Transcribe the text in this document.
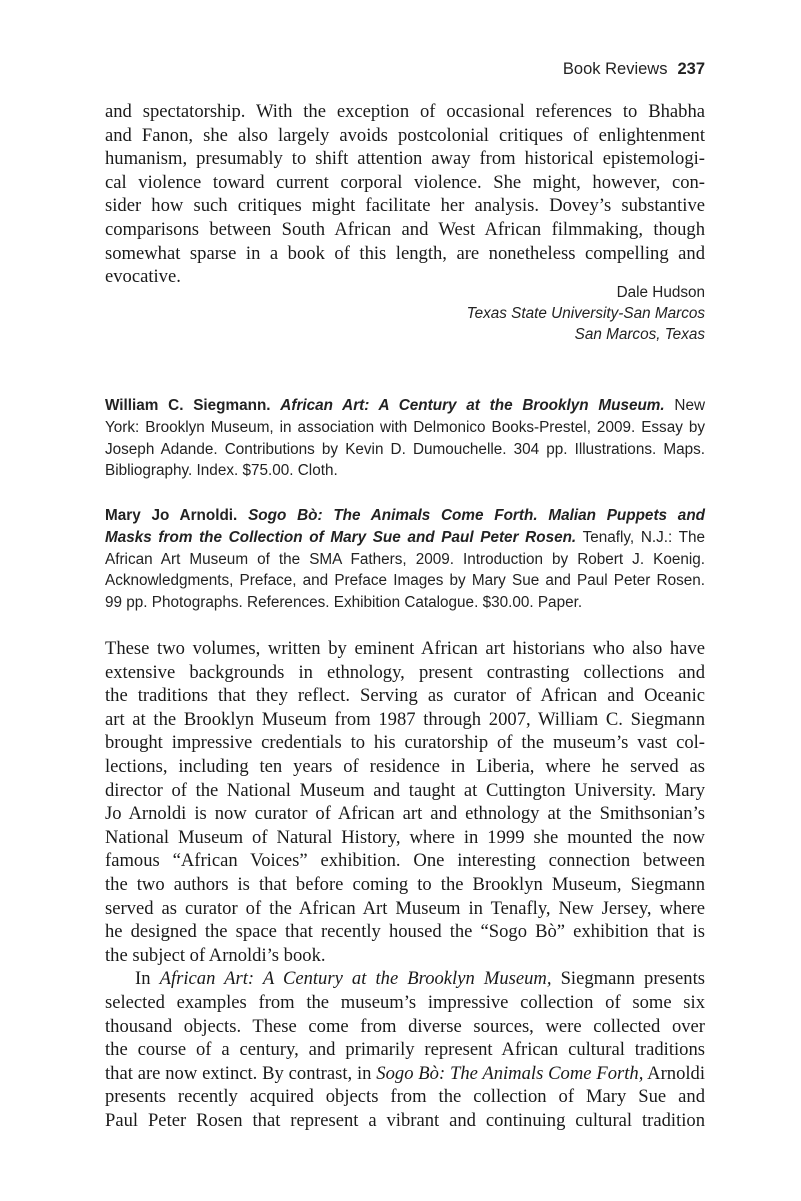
Book Reviews 237
and spectatorship. With the exception of occasional references to Bhabha
and Fanon, she also largely avoids postcolonial critiques of enlightenment
humanism, presumably to shift attention away from historical epistemologi-
cal violence toward current corporal violence. She might, however, con-
sider how such critiques might facilitate her analysis. Dovey’s substantive
comparisons between South African and West African filmmaking, though
somewhat sparse in a book of this length, are nonetheless compelling and
evocative.
Dale Hudson
Texas State University-San Marcos
San Marcos, Texas
William C. Siegmann. African Art: A Century at the Brooklyn Museum. New
York: Brooklyn Museum, in association with Delmonico Books-Prestel, 2009. Essay by
Joseph Adande. Contributions by Kevin D. Dumouchelle. 304 pp. Illustrations. Maps.
Bibliography. Index. $75.00. Cloth.
Mary Jo Arnoldi. Sogo Bò: The Animals Come Forth. Malian Puppets and
Masks from the Collection of Mary Sue and Paul Peter Rosen. Tenafly, N.J.: The
African Art Museum of the SMA Fathers, 2009. Introduction by Robert J. Koenig.
Acknowledgments, Preface, and Preface Images by Mary Sue and Paul Peter Rosen.
99 pp. Photographs. References. Exhibition Catalogue. $30.00. Paper.
These two volumes, written by eminent African art historians who also have
extensive backgrounds in ethnology, present contrasting collections and
the traditions that they reflect. Serving as curator of African and Oceanic
art at the Brooklyn Museum from 1987 through 2007, William C. Siegmann
brought impressive credentials to his curatorship of the museum’s vast col-
lections, including ten years of residence in Liberia, where he served as
director of the National Museum and taught at Cuttington University. Mary
Jo Arnoldi is now curator of African art and ethnology at the Smithsonian’s
National Museum of Natural History, where in 1999 she mounted the now
famous “African Voices” exhibition. One interesting connection between
the two authors is that before coming to the Brooklyn Museum, Siegmann
served as curator of the African Art Museum in Tenafly, New Jersey, where
he designed the space that recently housed the “Sogo Bò” exhibition that is
the subject of Arnoldi’s book.
In African Art: A Century at the Brooklyn Museum, Siegmann presents
selected examples from the museum’s impressive collection of some six
thousand objects. These come from diverse sources, were collected over
the course of a century, and primarily represent African cultural traditions
that are now extinct. By contrast, in Sogo Bò: The Animals Come Forth, Arnoldi
presents recently acquired objects from the collection of Mary Sue and
Paul Peter Rosen that represent a vibrant and continuing cultural tradition
